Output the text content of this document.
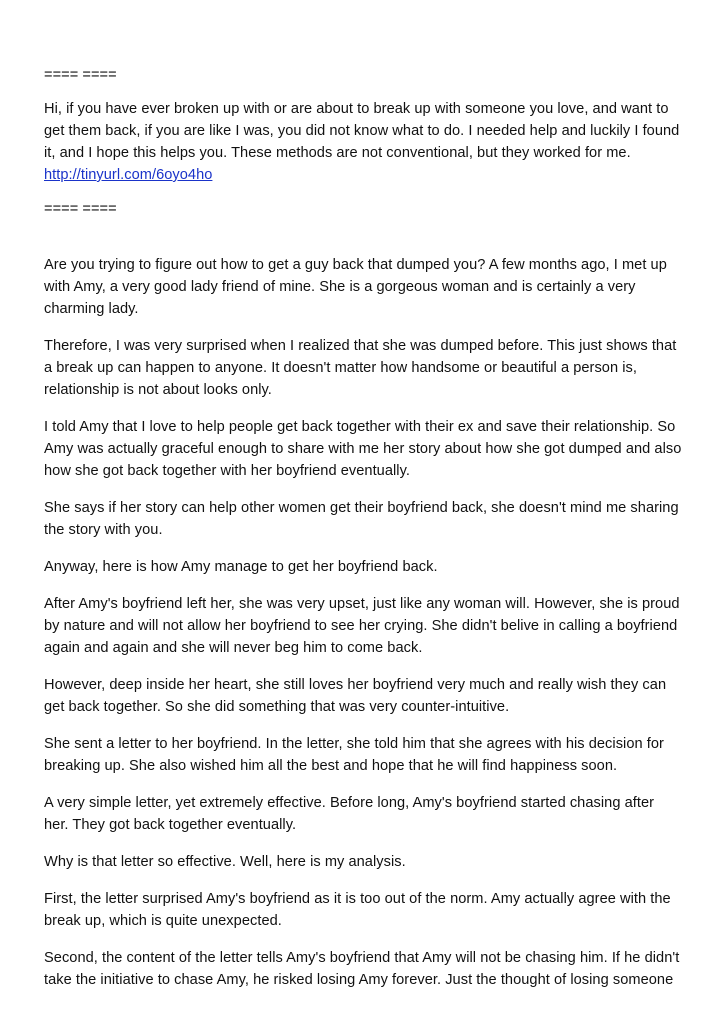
==== ====
Hi, if you have ever broken up with or are about to break up with someone you love, and want to
get them back, if you are like I was, you did not know what to do. I needed help and luckily I found
it, and I hope this helps you. These methods are not conventional, but they worked for me.
http://tinyurl.com/6oyo4ho
==== ====
Are you trying to figure out how to get a guy back that dumped you? A few months ago, I met up
with Amy, a very good lady friend of mine. She is a gorgeous woman and is certainly a very
charming lady.
Therefore, I was very surprised when I realized that she was dumped before. This just shows that
a break up can happen to anyone. It doesn't matter how handsome or beautiful a person is,
relationship is not about looks only.
I told Amy that I love to help people get back together with their ex and save their relationship. So
Amy was actually graceful enough to share with me her story about how she got dumped and also
how she got back together with her boyfriend eventually.
She says if her story can help other women get their boyfriend back, she doesn't mind me sharing
the story with you.
Anyway, here is how Amy manage to get her boyfriend back.
After Amy's boyfriend left her, she was very upset, just like any woman will. However, she is proud
by nature and will not allow her boyfriend to see her crying. She didn't belive in calling a boyfriend
again and again and she will never beg him to come back.
However, deep inside her heart, she still loves her boyfriend very much and really wish they can
get back together. So she did something that was very counter-intuitive.
She sent a letter to her boyfriend. In the letter, she told him that she agrees with his decision for
breaking up. She also wished him all the best and hope that he will find happiness soon.
A very simple letter, yet extremely effective. Before long, Amy's boyfriend started chasing after
her. They got back together eventually.
Why is that letter so effective. Well, here is my analysis.
First, the letter surprised Amy's boyfriend as it is too out of the norm. Amy actually agree with the
break up, which is quite unexpected.
Second, the content of the letter tells Amy's boyfriend that Amy will not be chasing him. If he didn't
take the initiative to chase Amy, he risked losing Amy forever. Just the thought of losing someone
